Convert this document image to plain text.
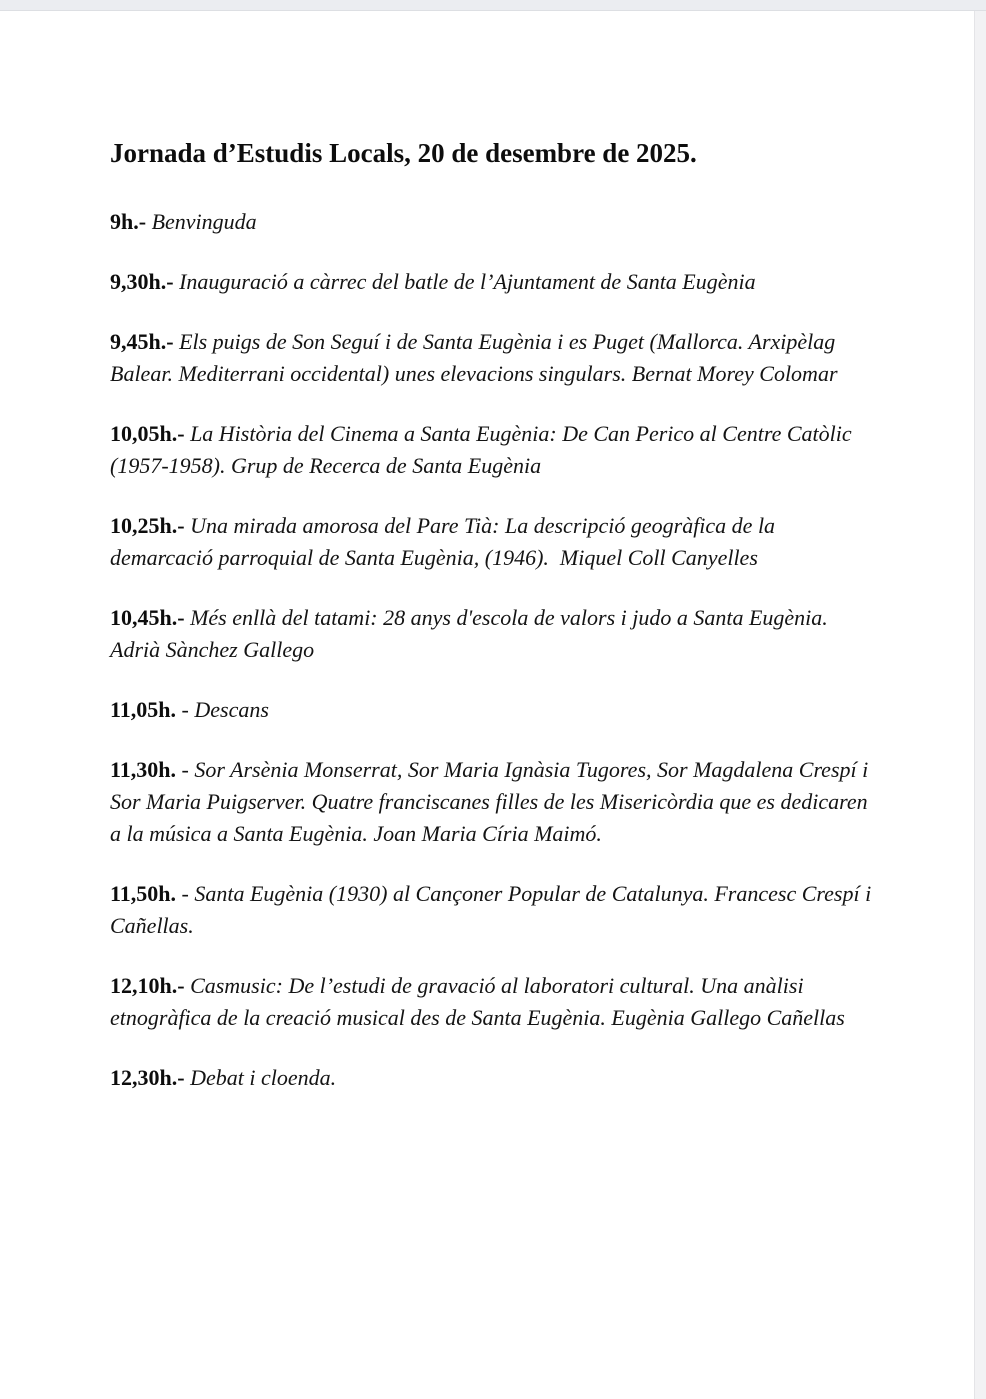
Jornada d’Estudis Locals, 20 de desembre de 2025.

9h.- Benvinguda

9,30h.- Inauguració a càrrec del batle de l’Ajuntament de Santa Eugènia

9,45h.- Els puigs de Son Seguí i de Santa Eugènia i es Puget (Mallorca. Arxipèlag Balear. Mediterrani occidental) unes elevacions singulars. Bernat Morey Colomar

10,05h.- La Història del Cinema a Santa Eugènia: De Can Perico al Centre Catòlic (1957-1958). Grup de Recerca de Santa Eugènia

10,25h.- Una mirada amorosa del Pare Tià: La descripció geogràfica de la demarcació parroquial de Santa Eugènia, (1946).  Miquel Coll Canyelles

10,45h.- Més enllà del tatami: 28 anys d'escola de valors i judo a Santa Eugènia. Adrià Sànchez Gallego

11,05h. - Descans

11,30h. - Sor Arsènia Monserrat, Sor Maria Ignàsia Tugores, Sor Magdalena Crespí i Sor Maria Puigserver. Quatre franciscanes filles de les Misericòrdia que es dedicaren a la música a Santa Eugènia. Joan Maria Círia Maimó.

11,50h. - Santa Eugènia (1930) al Cançoner Popular de Catalunya. Francesc Crespí i Cañellas.

12,10h.- Casmusic: De l’estudi de gravació al laboratori cultural. Una anàlisi etnogràfica de la creació musical des de Santa Eugènia. Eugènia Gallego Cañellas

12,30h.- Debat i cloenda.
